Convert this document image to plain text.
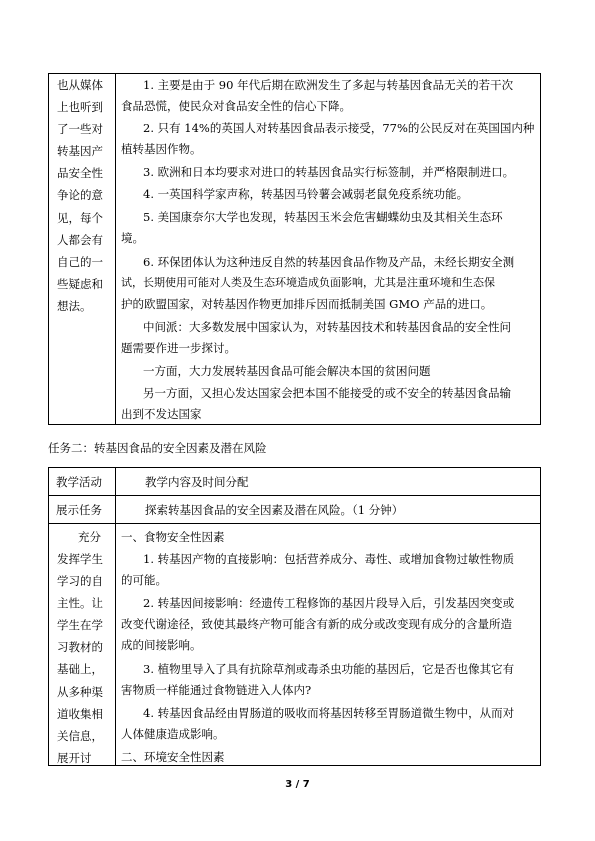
也从媒体
上也听到
了一些对
转基因产
品安全性
争论的意
见，每个
人都会有
自己的一
些疑虑和
想法。
1. 主要是由于 90 年代后期在欧洲发生了多起与转基因食品无关的若干次
食品恐慌，使民众对食品安全性的信心下降。
2. 只有 14%的英国人对转基因食品表示接受，77%的公民反对在英国国内种
植转基因作物。
3. 欧洲和日本均要求对进口的转基因食品实行标签制，并严格限制进口。
4. 一英国科学家声称，转基因马铃薯会减弱老鼠免疫系统功能。
5. 美国康奈尔大学也发现，转基因玉米会危害蝴蝶幼虫及其相关生态环
境。
6. 环保团体认为这种违反自然的转基因食品作物及产品，未经长期安全测
试，长期使用可能对人类及生态环境造成负面影响，尤其是注重环境和生态保
护的欧盟国家，对转基因作物更加排斥因而抵制美国 GMO 产品的进口。
中间派：大多数发展中国家认为，对转基因技术和转基因食品的安全性问
题需要作进一步探讨。
一方面，大力发展转基因食品可能会解决本国的贫困问题
另一方面，又担心发达国家会把本国不能接受的或不安全的转基因食品输
出到不发达国家
任务二：转基因食品的安全因素及潜在风险
教学活动	教学内容及时间分配
展示任务	探索转基因食品的安全因素及潜在风险。（1 分钟）
充分
发挥学生
学习的自
主性。让
学生在学
习教材的
基础上，
从多种渠
道收集相
关信息，
展开讨
一、食物安全性因素
1. 转基因产物的直接影响：包括营养成分、毒性、或增加食物过敏性物质
的可能。
2. 转基因间接影响：经遗传工程修饰的基因片段导入后，引发基因突变或
改变代谢途径，致使其最终产物可能含有新的成分或改变现有成分的含量所造
成的间接影响。
3. 植物里导入了具有抗除草剂或毒杀虫功能的基因后，它是否也像其它有
害物质一样能通过食物链进入人体内?
4. 转基因食品经由胃肠道的吸收而将基因转移至胃肠道微生物中，从而对
人体健康造成影响。
二、环境安全性因素
3 / 7
